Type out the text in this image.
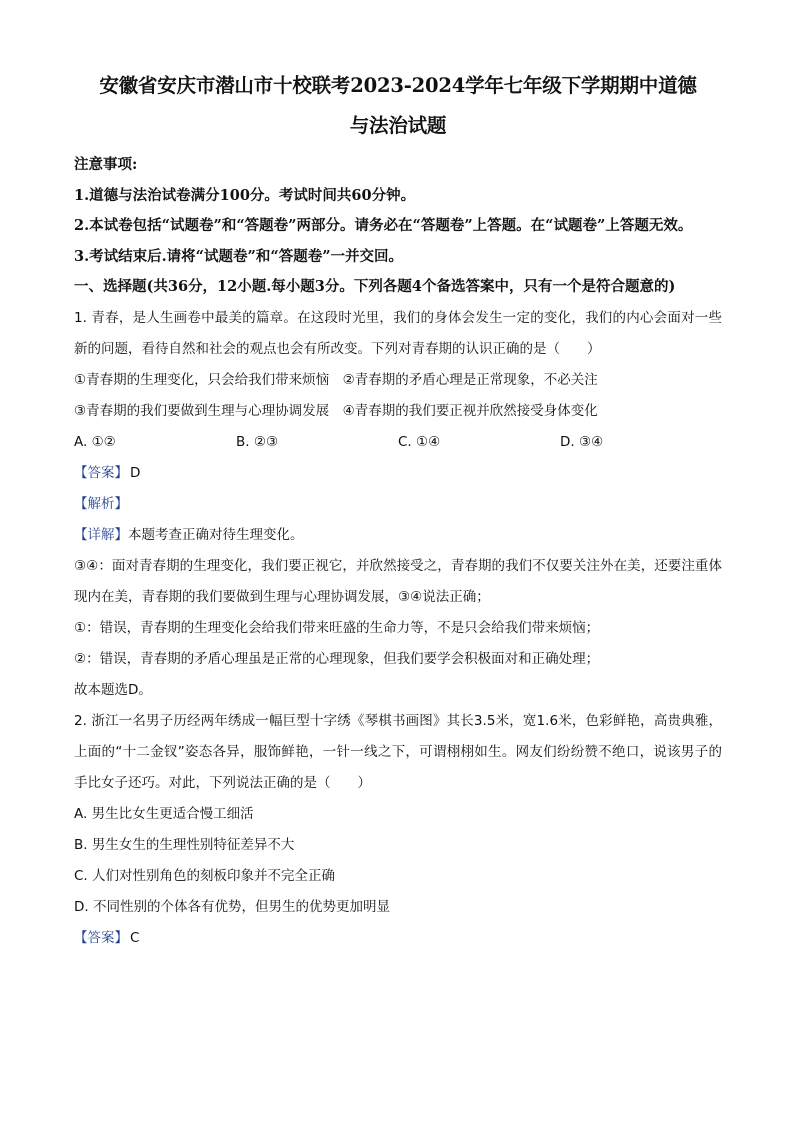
安徽省安庆市潜山市十校联考2023-2024学年七年级下学期期中道德
与法治试题

注意事项:

1.道德与法治试卷满分100分。考试时间共60分钟。

2.本试卷包括“试题卷”和“答题卷”两部分。请务必在“答题卷”上答题。在“试题卷”上答题无效。

3.考试结束后.请将“试题卷”和“答题卷”一并交回。

一、选择题(共36分，12小题.每小题3分。下列各题4个备选答案中，只有一个是符合题意的)

1. 青春，是人生画卷中最美的篇章。在这段时光里，我们的身体会发生一定的变化，我们的内心会面对一些新的问题，看待自然和社会的观点也会有所改变。下列对青春期的认识正确的是（　　）

①青春期的生理变化，只会给我们带来烦恼　②青春期的矛盾心理是正常现象，不必关注

③青春期的我们要做到生理与心理协调发展　④青春期的我们要正视并欣然接受身体变化

A. ①②	B. ②③	C. ①④	D. ③④

【答案】 D

【解析】

【详解】本题考查正确对待生理变化。

③④：面对青春期的生理变化，我们要正视它，并欣然接受之，青春期的我们不仅要关注外在美，还要注重体现内在美，青春期的我们要做到生理与心理协调发展，③④说法正确；

①：错误，青春期的生理变化会给我们带来旺盛的生命力等，不是只会给我们带来烦恼；

②：错误，青春期的矛盾心理虽是正常的心理现象，但我们要学会积极面对和正确处理；

故本题选D。

2. 浙江一名男子历经两年绣成一幅巨型十字绣《琴棋书画图》其长3.5米，宽1.6米，色彩鲜艳，高贵典雅，上面的“十二金钗”姿态各异，服饰鲜艳，一针一线之下，可谓栩栩如生。网友们纷纷赞不绝口，说该男子的手比女子还巧。对此，下列说法正确的是（　　）

A. 男生比女生更适合慢工细活

B. 男生女生的生理性别特征差异不大

C. 人们对性别角色的刻板印象并不完全正确

D. 不同性别的个体各有优势，但男生的优势更加明显

【答案】 C
